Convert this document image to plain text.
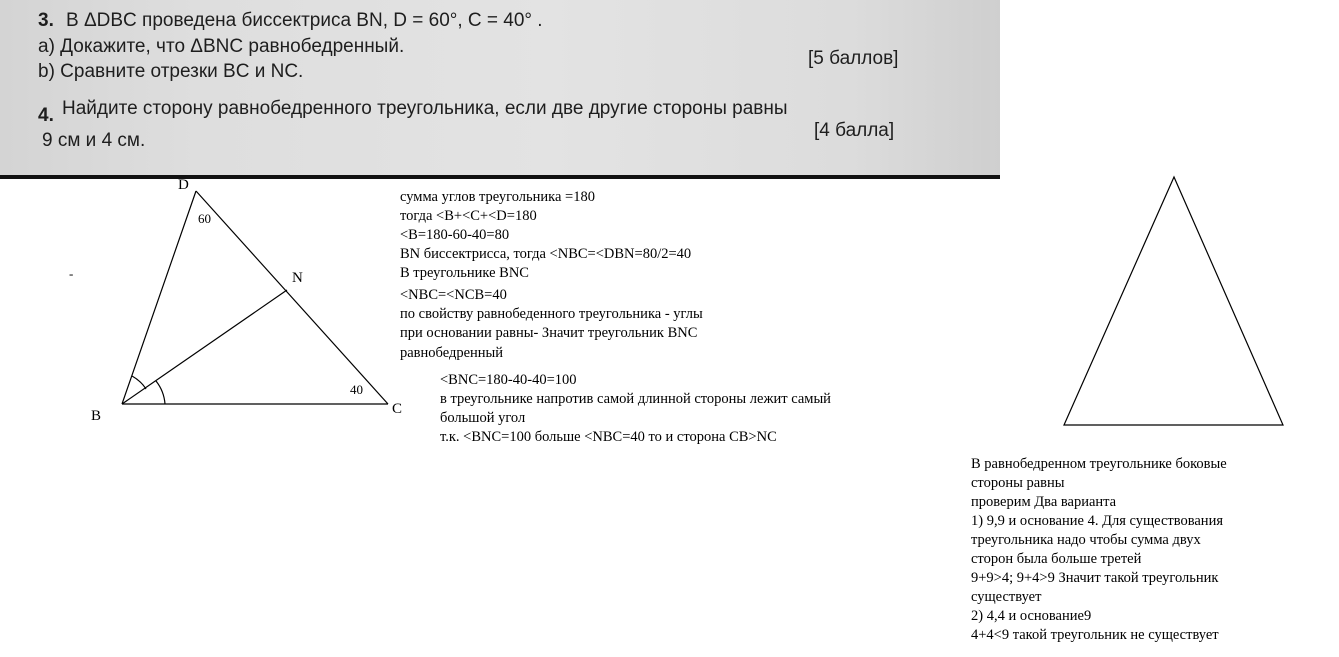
3. В ΔDBC проведена биссектриса BN, D = 60°, C = 40° .
a) Докажите, что ΔBNC равнобедренный.
b) Сравните отрезки BC и NC.
[5 баллов]
4. Найдите сторону равнобедренного треугольника, если две другие стороны равны
9 см и 4 см.	[4 балла]
D
60
N
40
B	C
-

сумма углов треугольника =180

тогда <B+<C+<D=180

<B=180-60-40=80

BN биссектрисса, тогда <NBC=<DBN=80/2=40

В треугольнике BNC

<NBC=<NCB=40

по свойству равнобеденного треугольника - углы

при основании равны- Значит треугольник BNC

равнобедренный

<BNC=180-40-40=100

в треугольнике напротив самой длинной стороны лежит самый

большой угол

т.к. <BNC=100 больше <NBC=40 то и сторона CB>NC

В равнобедренном треугольнике боковые

стороны равны

проверим Два варианта

1) 9,9 и основание 4. Для существования

треугольника надо чтобы сумма двух

сторон была больше третей

9+9>4; 9+4>9 Значит такой треугольник

существует

2) 4,4 и основание9

4+4<9 такой треугольник не существует
